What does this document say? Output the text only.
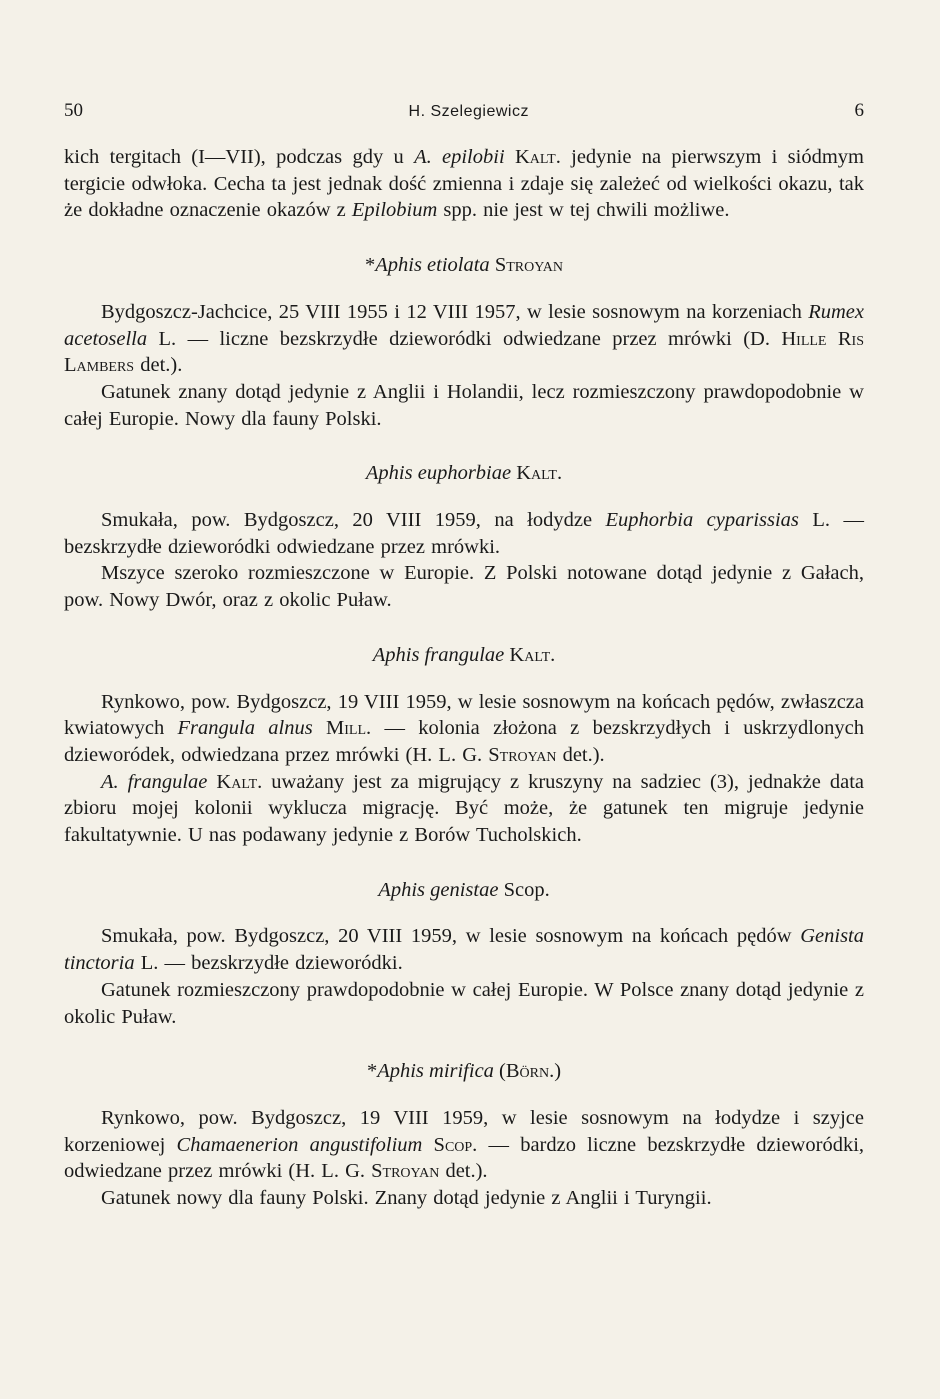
50	H. Szelegiewicz	6

kich tergitach (I—VII), podczas gdy u A. epilobii Kalt. jedynie na pierwszym i siódmym tergicie odwłoka. Cecha ta jest jednak dość zmienna i zdaje się zależeć od wielkości okazu, tak że dokładne oznaczenie okazów z Epilobium spp. nie jest w tej chwili możliwe.

*Aphis etiolata Stroyan

Bydgoszcz-Jachcice, 25 VIII 1955 i 12 VIII 1957, w lesie sosnowym na korzeniach Rumex acetosella L. — liczne bezskrzydłe dzieworódki odwiedzane przez mrówki (D. Hille Ris Lambers det.).

Gatunek znany dotąd jedynie z Anglii i Holandii, lecz rozmieszczony prawdopodobnie w całej Europie. Nowy dla fauny Polski.

Aphis euphorbiae Kalt.

Smukała, pow. Bydgoszcz, 20 VIII 1959, na łodydze Euphorbia cyparissias L. — bezskrzydłe dzieworódki odwiedzane przez mrówki.

Mszyce szeroko rozmieszczone w Europie. Z Polski notowane dotąd jedynie z Gałach, pow. Nowy Dwór, oraz z okolic Puław.

Aphis frangulae Kalt.

Rynkowo, pow. Bydgoszcz, 19 VIII 1959, w lesie sosnowym na końcach pędów, zwłaszcza kwiatowych Frangula alnus Mill. — kolonia złożona z bezskrzydłych i uskrzydlonych dzieworódek, odwiedzana przez mrówki (H. L. G. Stroyan det.).

A. frangulae Kalt. uważany jest za migrujący z kruszyny na sadziec (3), jednakże data zbioru mojej kolonii wyklucza migrację. Być może, że gatunek ten migruje jedynie fakultatywnie. U nas podawany jedynie z Borów Tucholskich.

Aphis genistae Scop.

Smukała, pow. Bydgoszcz, 20 VIII 1959, w lesie sosnowym na końcach pędów Genista tinctoria L. — bezskrzydłe dzieworódki.

Gatunek rozmieszczony prawdopodobnie w całej Europie. W Polsce znany dotąd jedynie z okolic Puław.

*Aphis mirifica (Börn.)

Rynkowo, pow. Bydgoszcz, 19 VIII 1959, w lesie sosnowym na łodydze i szyjce korzeniowej Chamaenerion angustifolium Scop. — bardzo liczne bezskrzydłe dzieworódki, odwiedzane przez mrówki (H. L. G. Stroyan det.).

Gatunek nowy dla fauny Polski. Znany dotąd jedynie z Anglii i Turyngii.
